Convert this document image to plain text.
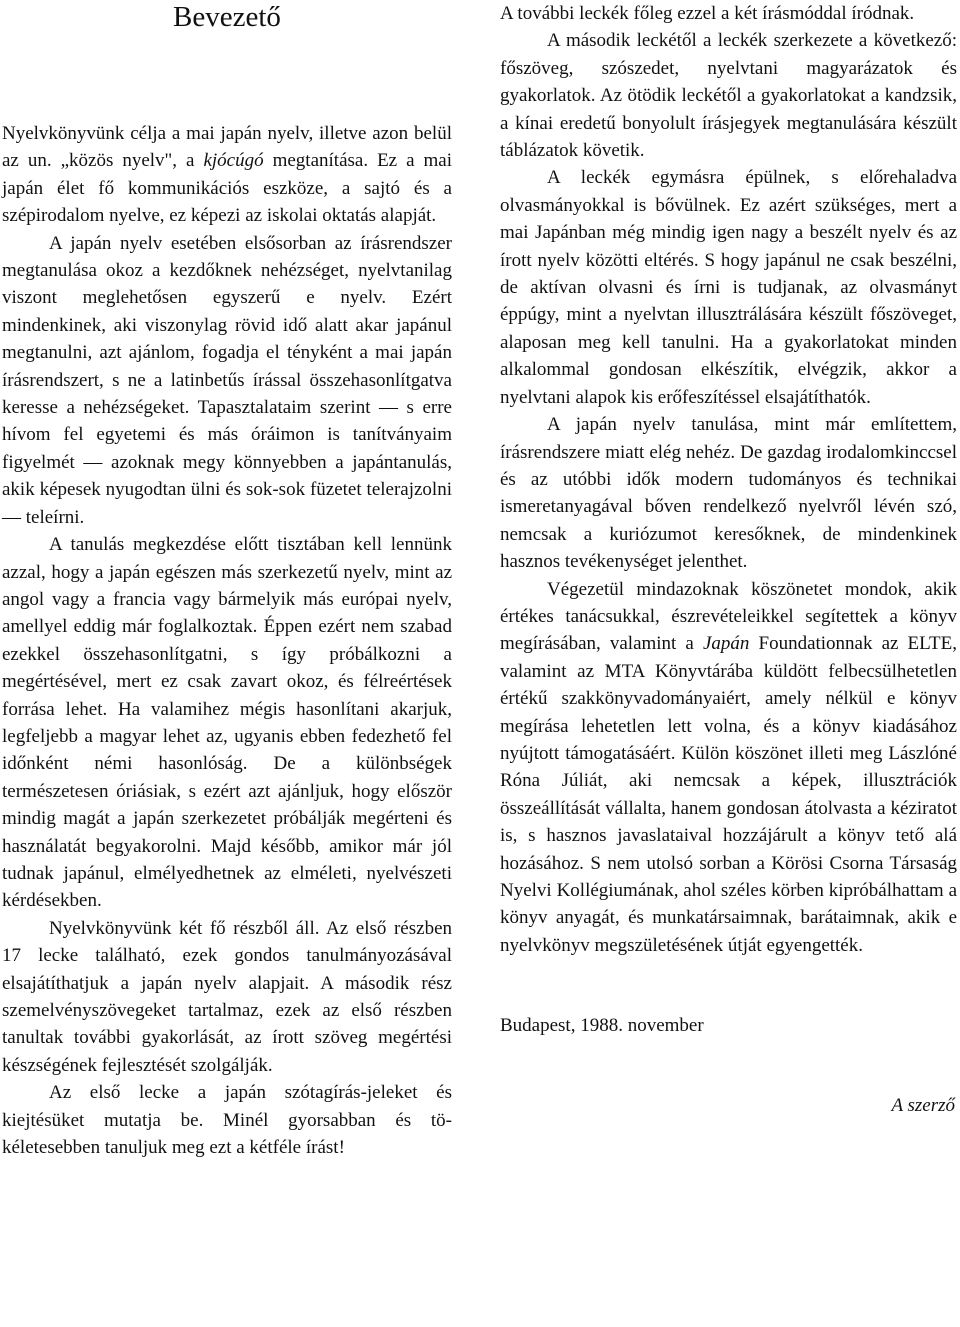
Bevezető

Nyelvkönyvünk célja a mai japán nyelv, illetve azon belül az un. „közös nyelv", a kjócúgó megtanítása. Ez a mai japán élet fő kommunikációs eszköze, a sajtó és a szépirodalom nyelve, ez képezi az iskolai oktatás alapját.

A japán nyelv esetében elsősorban az írásrendszer megtanulása okoz a kezdőknek nehézséget, nyelvtanilag viszont meglehetősen egyszerű e nyelv. Ezért mindenkinek, aki viszonylag rövid idő alatt akar japánul megtanulni, azt ajánlom, fogadja el tényként a mai japán írásrendszert, s ne a latinbetűs írással összehasonlítgatva keresse a nehézségeket. Tapasztalataim szerint — s erre hívom fel egyetemi és más óráimon is tanítványaim figyelmét — azoknak megy könnyebben a japántanulás, akik képesek nyugodtan ülni és sok-sok füzetet telerajzolni — teleírni.

A tanulás megkezdése előtt tisztában kell lennünk azzal, hogy a japán egészen más szerkezetű nyelv, mint az angol vagy a francia vagy bármelyik más európai nyelv, amellyel eddig már foglalkoztak. Éppen ezért nem szabad ezekkel összehasonlítgatni, s így próbálkozni a megértésével, mert ez csak zavart okoz, és félreértések forrása lehet. Ha valamihez mégis hasonlítani akarjuk, legfeljebb a magyar lehet az, ugyanis ebben fedezhető fel időnként némi hasonlóság. De a különbségek természetesen óriásiak, s ezért azt ajánljuk, hogy először mindig magát a japán szerkezetet próbálják megérteni és használatát begyakorolni. Majd később, amikor már jól tudnak japánul, elmélyedhetnek az elméleti, nyelvészeti kérdésekben.

Nyelvkönyvünk két fő részből áll. Az első részben 17 lecke található, ezek gondos tanulmányozásával elsajátíthatjuk a japán nyelv alapjait. A második rész szemelvényszövegeket tartalmaz, ezek az első részben tanultak további gyakorlását, az írott szöveg megértési készségének fejlesztését szolgálják.

Az első lecke a japán szótagírás-jeleket és kiejtésüket mutatja be. Minél gyorsabban és tökéletesebben tanuljuk meg ezt a kétféle írást!

A további leckék főleg ezzel a két írásmóddal íródnak.

A második leckétől a leckék szerkezete a következő: főszöveg, szószedet, nyelvtani magyarázatok és gyakorlatok. Az ötödik leckétől a gyakorlatokat a kandzsik, a kínai eredetű bonyolult írásjegyek megtanulására készült táblázatok követik.

A leckék egymásra épülnek, s előrehaladva olvasmányokkal is bővülnek. Ez azért szükséges, mert a mai Japánban még mindig igen nagy a beszélt nyelv és az írott nyelv közötti eltérés. S hogy japánul ne csak beszélni, de aktívan olvasni és írni is tudjanak, az olvasmányt éppúgy, mint a nyelvtan illusztrálására készült főszöveget, alaposan meg kell tanulni. Ha a gyakorlatokat minden alkalommal gondosan elkészítik, elvégzik, akkor a nyelvtani alapok kis erőfeszítéssel elsajátíthatók.

A japán nyelv tanulása, mint már említettem, írásrendszere miatt elég nehéz. De gazdag irodalomkinccsel és az utóbbi idők modern tudományos és technikai ismeretanyagával bőven rendelkező nyelvről lévén szó, nemcsak a kuriózumot keresőknek, de mindenkinek hasznos tevékenységet jelenthet.

Végezetül mindazoknak köszönetet mondok, akik értékes tanácsukkal, észrevételeikkel segítettek a könyv megírásában, valamint a Japán Foundationnak az ELTE, valamint az MTA Könyvtárába küldött felbecsülhetetlen értékű szakkönyvadományaiért, amely nélkül e könyv megírása lehetetlen lett volna, és a könyv kiadásához nyújtott támogatásáért. Külön köszönet illeti meg Lászlóné Róna Júliát, aki nemcsak a képek, illusztrációk összeállítását vállalta, hanem gondosan átolvasta a kéziratot is, s hasznos javaslataival hozzájárult a könyv tető alá hozásához. S nem utolsó sorban a Körösi Csorna Társaság Nyelvi Kollégiumának, ahol széles körben kipróbálhattam a könyv anyagát, és munkatársaimnak, barátaimnak, akik e nyelvkönyv megszületésének útját egyengették.

Budapest, 1988. november

A szerző
